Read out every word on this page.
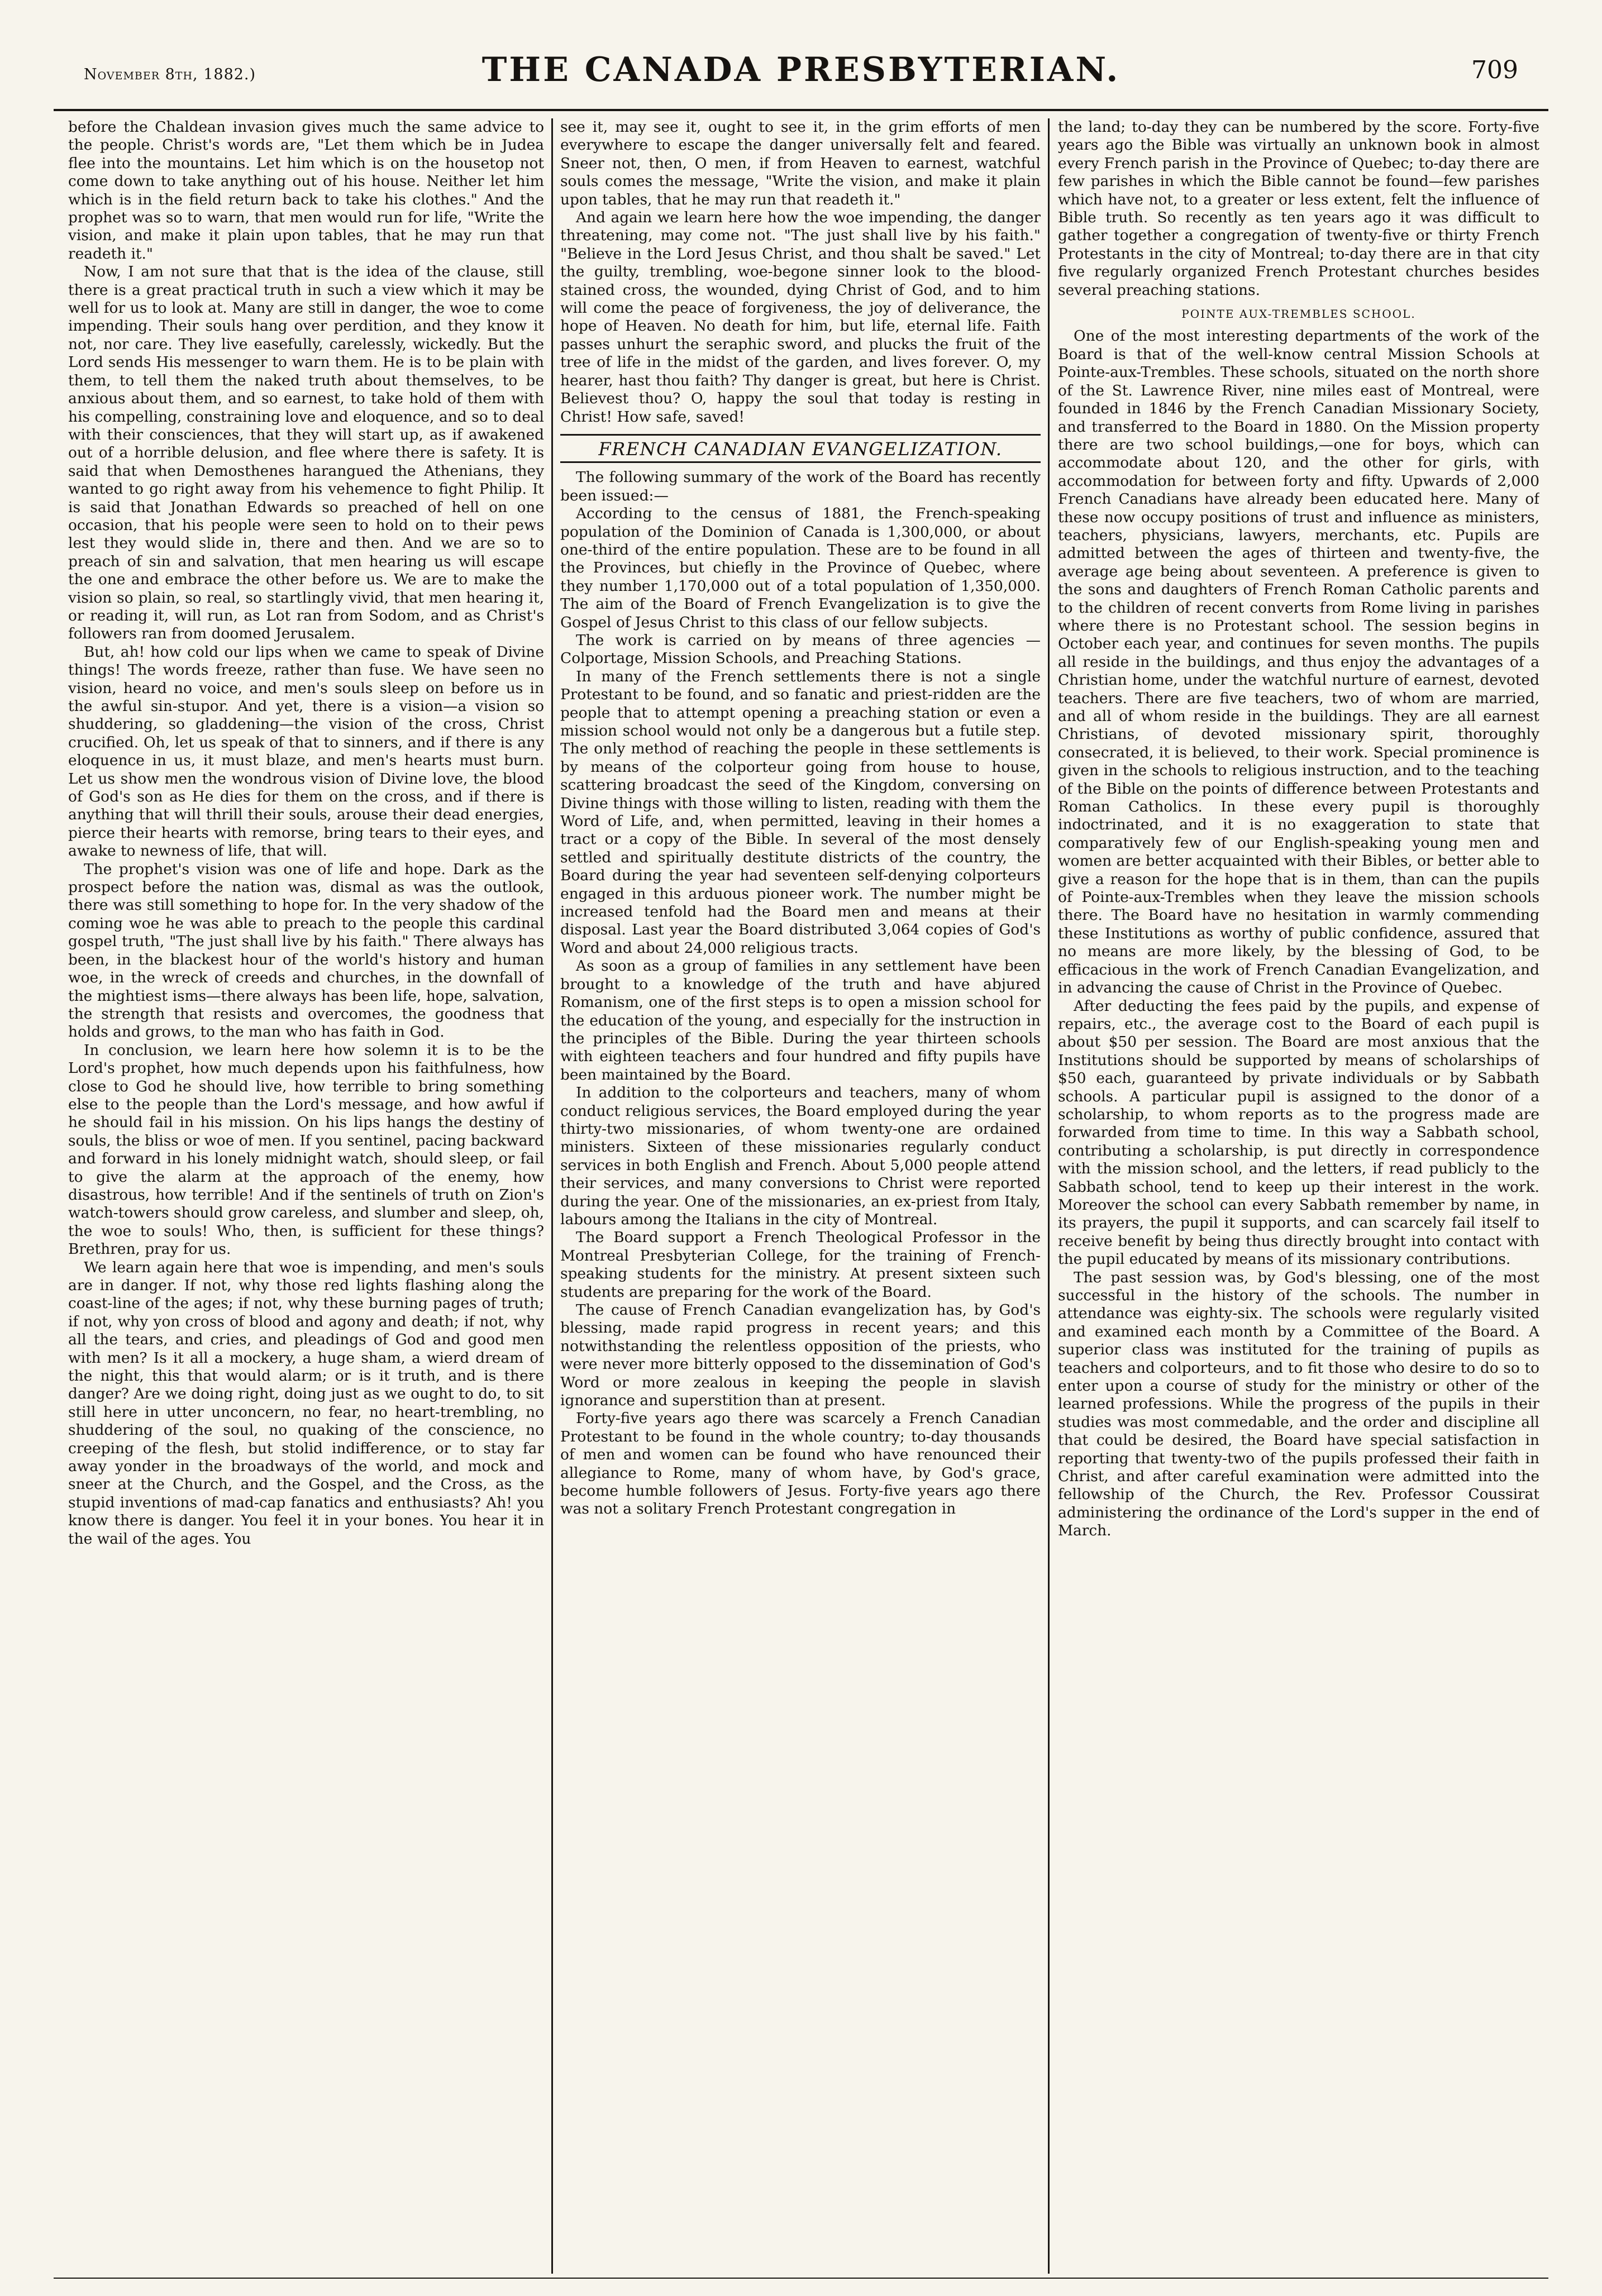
November 8th, 1882.)	THE CANADA PRESBYTERIAN.	709

before the Chaldean invasion gives much the same advice to the people. Christ's words are, "Let them which be in Judea flee into the mountains. Let him which is on the housetop not come down to take anything out of his house. Neither let him which is in the field return back to take his clothes." And the prophet was so to warn, that men would run for life, "Write the vision, and make it plain upon tables, that he may run that readeth it."

Now, I am not sure that that is the idea of the clause, still there is a great practical truth in such a view which it may be well for us to look at. Many are still in danger, the woe to come impending. Their souls hang over perdition, and they know it not, nor care. They live easefully, carelessly, wickedly. But the Lord sends His messenger to warn them. He is to be plain with them, to tell them the naked truth about themselves, to be anxious about them, and so earnest, to take hold of them with his compelling, constraining love and eloquence, and so to deal with their consciences, that they will start up, as if awakened out of a horrible delusion, and flee where there is safety. It is said that when Demosthenes harangued the Athenians, they wanted to go right away from his vehemence to fight Philip. It is said that Jonathan Edwards so preached of hell on one occasion, that his people were seen to hold on to their pews lest they would slide in, there and then. And we are so to preach of sin and salvation, that men hearing us will escape the one and embrace the other before us. We are to make the vision so plain, so real, so startlingly vivid, that men hearing it, or reading it, will run, as Lot ran from Sodom, and as Christ's followers ran from doomed Jerusalem.

But, ah! how cold our lips when we came to speak of Divine things! The words freeze, rather than fuse. We have seen no vision, heard no voice, and men's souls sleep on before us in the awful sin-stupor. And yet, there is a vision—a vision so shuddering, so gladdening—the vision of the cross, Christ crucified. Oh, let us speak of that to sinners, and if there is any eloquence in us, it must blaze, and men's hearts must burn. Let us show men the wondrous vision of Divine love, the blood of God's son as He dies for them on the cross, and if there is anything that will thrill their souls, arouse their dead energies, pierce their hearts with remorse, bring tears to their eyes, and awake to newness of life, that will.

The prophet's vision was one of life and hope. Dark as the prospect before the nation was, dismal as was the outlook, there was still something to hope for. In the very shadow of the coming woe he was able to preach to the people this cardinal gospel truth, "The just shall live by his faith." There always has been, in the blackest hour of the world's history and human woe, in the wreck of creeds and churches, in the downfall of the mightiest isms—there always has been life, hope, salvation, the strength that resists and overcomes, the goodness that holds and grows, to the man who has faith in God.

In conclusion, we learn here how solemn it is to be the Lord's prophet, how much depends upon his faithfulness, how close to God he should live, how terrible to bring something else to the people than the Lord's message, and how awful if he should fail in his mission. On his lips hangs the destiny of souls, the bliss or woe of men. If you sentinel, pacing backward and forward in his lonely midnight watch, should sleep, or fail to give the alarm at the approach of the enemy, how disastrous, how terrible! And if the sentinels of truth on Zion's watch-towers should grow careless, and slumber and sleep, oh, the woe to souls! Who, then, is sufficient for these things? Brethren, pray for us.

We learn again here that woe is impending, and men's souls are in danger. If not, why those red lights flashing along the coast-line of the ages; if not, why these burning pages of truth; if not, why yon cross of blood and agony and death; if not, why all the tears, and cries, and pleadings of God and good men with men? Is it all a mockery, a huge sham, a wierd dream of the night, this that would alarm; or is it truth, and is there danger? Are we doing right, doing just as we ought to do, to sit still here in utter unconcern, no fear, no heart-trembling, no shuddering of the soul, no quaking of the conscience, no creeping of the flesh, but stolid indifference, or to stay far away yonder in the broadways of the world, and mock and sneer at the Church, and the Gospel, and the Cross, as the stupid inventions of mad-cap fanatics and enthusiasts? Ah! you know there is danger. You feel it in your bones. You hear it in the wail of the ages. You

see it, may see it, ought to see it, in the grim efforts of men everywhere to escape the danger universally felt and feared. Sneer not, then, O men, if from Heaven to earnest, watchful souls comes the message, "Write the vision, and make it plain upon tables, that he may run that readeth it."

And again we learn here how the woe impending, the danger threatening, may come not. "The just shall live by his faith." "Believe in the Lord Jesus Christ, and thou shalt be saved." Let the guilty, trembling, woe-begone sinner look to the blood-stained cross, the wounded, dying Christ of God, and to him will come the peace of forgiveness, the joy of deliverance, the hope of Heaven. No death for him, but life, eternal life. Faith passes unhurt the seraphic sword, and plucks the fruit of the tree of life in the midst of the garden, and lives forever. O, my hearer, hast thou faith? Thy danger is great, but here is Christ. Believest thou? O, happy the soul that today is resting in Christ! How safe, saved!

FRENCH CANADIAN EVANGELIZATION.

The following summary of the work of the Board has recently been issued:—

According to the census of 1881, the French-speaking population of the Dominion of Canada is 1,300,000, or about one-third of the entire population. These are to be found in all the Provinces, but chiefly in the Province of Quebec, where they number 1,170,000 out of a total population of 1,350,000. The aim of the Board of French Evangelization is to give the Gospel of Jesus Christ to this class of our fellow subjects.

The work is carried on by means of three agencies —Colportage, Mission Schools, and Preaching Stations.

In many of the French settlements there is not a single Protestant to be found, and so fanatic and priest-ridden are the people that to attempt opening a preaching station or even a mission school would not only be a dangerous but a futile step. The only method of reaching the people in these settlements is by means of the colporteur going from house to house, scattering broadcast the seed of the Kingdom, conversing on Divine things with those willing to listen, reading with them the Word of Life, and, when permitted, leaving in their homes a tract or a copy of the Bible. In several of the most densely settled and spiritually destitute districts of the country, the Board during the year had seventeen self-denying colporteurs engaged in this arduous pioneer work. The number might be increased tenfold had the Board men and means at their disposal. Last year the Board distributed 3,064 copies of God's Word and about 24,000 religious tracts.

As soon as a group of families in any settlement have been brought to a knowledge of the truth and have abjured Romanism, one of the first steps is to open a mission school for the education of the young, and especially for the instruction in the principles of the Bible. During the year thirteen schools with eighteen teachers and four hundred and fifty pupils have been maintained by the Board.

In addition to the colporteurs and teachers, many of whom conduct religious services, the Board employed during the year thirty-two missionaries, of whom twenty-one are ordained ministers. Sixteen of these missionaries regularly conduct services in both English and French. About 5,000 people attend their services, and many conversions to Christ were reported during the year. One of the missionaries, an ex-priest from Italy, labours among the Italians in the city of Montreal.

The Board support a French Theological Professor in the Montreal Presbyterian College, for the training of French-speaking students for the ministry. At present sixteen such students are preparing for the work of the Board.

The cause of French Canadian evangelization has, by God's blessing, made rapid progress in recent years; and this notwithstanding the relentless opposition of the priests, who were never more bitterly opposed to the dissemination of God's Word or more zealous in keeping the people in slavish ignorance and superstition than at present.

Forty-five years ago there was scarcely a French Canadian Protestant to be found in the whole country; to-day thousands of men and women can be found who have renounced their allegiance to Rome, many of whom have, by God's grace, become humble followers of Jesus. Forty-five years ago there was not a solitary French Protestant congregation in

the land; to-day they can be numbered by the score. Forty-five years ago the Bible was virtually an unknown book in almost every French parish in the Province of Quebec; to-day there are few parishes in which the Bible cannot be found—few parishes which have not, to a greater or less extent, felt the influence of Bible truth. So recently as ten years ago it was difficult to gather together a congregation of twenty-five or thirty French Protestants in the city of Montreal; to-day there are in that city five regularly organized French Protestant churches besides several preaching stations.

POINTE AUX-TREMBLES SCHOOL.

One of the most interesting departments of the work of the Board is that of the well-know central Mission Schools at Pointe-aux-Trembles. These schools, situated on the north shore of the St. Lawrence River, nine miles east of Montreal, were founded in 1846 by the French Canadian Missionary Society, and transferred to the Board in 1880. On the Mission property there are two school buildings,—one for boys, which can accommodate about 120, and the other for girls, with accommodation for between forty and fifty. Upwards of 2,000 French Canadians have already been educated here. Many of these now occupy positions of trust and influence as ministers, teachers, physicians, lawyers, merchants, etc. Pupils are admitted between the ages of thirteen and twenty-five, the average age being about seventeen. A preference is given to the sons and daughters of French Roman Catholic parents and to the children of recent converts from Rome living in parishes where there is no Protestant school. The session begins in October each year, and continues for seven months. The pupils all reside in the buildings, and thus enjoy the advantages of a Christian home, under the watchful nurture of earnest, devoted teachers. There are five teachers, two of whom are married, and all of whom reside in the buildings. They are all earnest Christians, of devoted missionary spirit, thoroughly consecrated, it is believed, to their work. Special prominence is given in the schools to religious instruction, and to the teaching of the Bible on the points of difference between Protestants and Roman Catholics. In these every pupil is thoroughly indoctrinated, and it is no exaggeration to state that comparatively few of our English-speaking young men and women are better acquainted with their Bibles, or better able to give a reason for the hope that is in them, than can the pupils of Pointe-aux-Trembles when they leave the mission schools there. The Board have no hesitation in warmly commending these Institutions as worthy of public confidence, assured that no means are more likely, by the blessing of God, to be efficacious in the work of French Canadian Evangelization, and in advancing the cause of Christ in the Province of Quebec.

After deducting the fees paid by the pupils, and expense of repairs, etc., the average cost to the Board of each pupil is about $50 per session. The Board are most anxious that the Institutions should be supported by means of scholarships of $50 each, guaranteed by private individuals or by Sabbath schools. A particular pupil is assigned to the donor of a scholarship, to whom reports as to the progress made are forwarded from time to time. In this way a Sabbath school, contributing a scholarship, is put directly in correspondence with the mission school, and the letters, if read publicly to the Sabbath school, tend to keep up their interest in the work. Moreover the school can every Sabbath remember by name, in its prayers, the pupil it supports, and can scarcely fail itself to receive benefit by being thus directly brought into contact with the pupil educated by means of its missionary contributions.

The past session was, by God's blessing, one of the most successful in the history of the schools. The number in attendance was eighty-six. The schools were regularly visited and examined each month by a Committee of the Board. A superior class was instituted for the training of pupils as teachers and colporteurs, and to fit those who desire to do so to enter upon a course of study for the ministry or other of the learned professions. While the progress of the pupils in their studies was most commedable, and the order and discipline all that could be desired, the Board have special satisfaction in reporting that twenty-two of the pupils professed their faith in Christ, and after careful examination were admitted into the fellowship of the Church, the Rev. Professor Coussirat administering the ordinance of the Lord's supper in the end of March.
